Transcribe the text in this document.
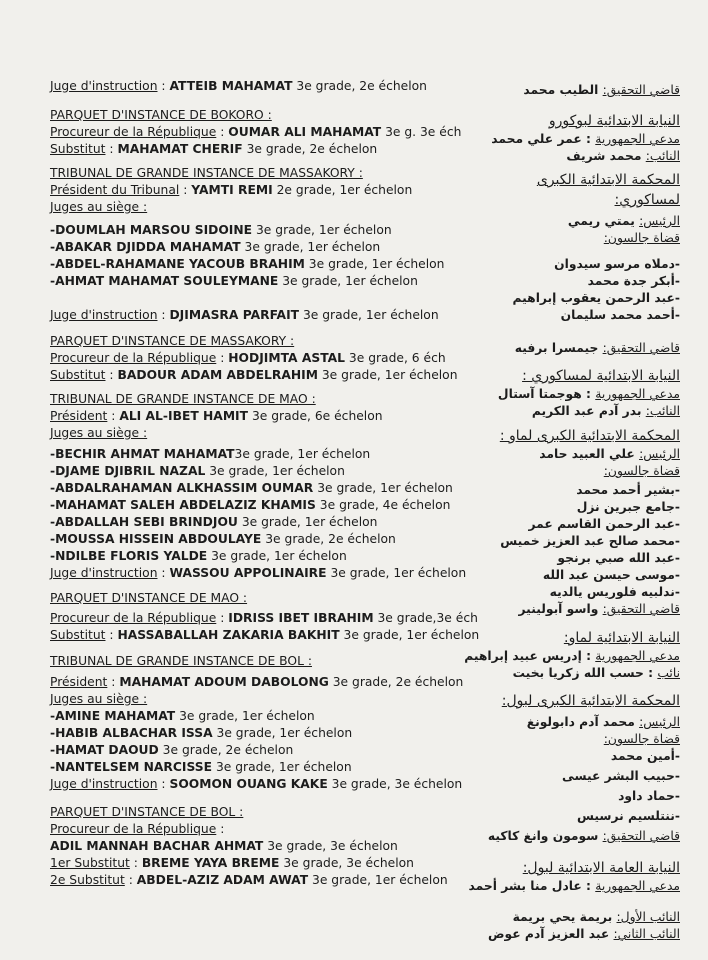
Juge d'instruction : ATTEIB MAHAMAT 3e grade, 2e échelon
PARQUET D'INSTANCE DE BOKORO :
Procureur de la République : OUMAR ALI MAHAMAT 3e g. 3e éch
Substitut : MAHAMAT CHERIF 3e grade, 2e échelon
TRIBUNAL DE GRANDE INSTANCE DE MASSAKORY :
Président du Tribunal : YAMTI REMI 2e grade, 1er échelon
Juges au siège :
-DOUMLAH MARSOU SIDOINE 3e grade, 1er échelon
-ABAKAR DJIDDA MAHAMAT 3e grade, 1er échelon
-ABDEL-RAHAMANE YACOUB BRAHIM 3e grade, 1er échelon
-AHMAT MAHAMAT SOULEYMANE 3e grade, 1er échelon
Juge d'instruction : DJIMASRA PARFAIT 3e grade, 1er échelon
PARQUET D'INSTANCE DE MASSAKORY :
Procureur de la République : HODJIMTA ASTAL 3e grade, 6 éch
Substitut : BADOUR ADAM ABDELRAHIM 3e grade, 1er échelon
TRIBUNAL DE GRANDE INSTANCE DE MAO :
Président : ALI AL-IBET HAMIT 3e grade, 6e échelon
Juges au siège :
-BECHIR AHMAT MAHAMAT3e grade, 1er échelon
-DJAME DJIBRIL NAZAL 3e grade, 1er échelon
-ABDALRAHAMAN ALKHASSIM OUMAR 3e grade, 1er échelon
-MAHAMAT SALEH ABDELAZIZ KHAMIS 3e grade, 4e échelon
-ABDALLAH SEBI BRINDJOU 3e grade, 1er échelon
-MOUSSA HISSEIN ABDOULAYE 3e grade, 2e échelon
-NDILBE FLORIS YALDE 3e grade, 1er échelon
Juge d'instruction : WASSOU APPOLINAIRE 3e grade, 1er échelon
PARQUET D'INSTANCE DE MAO :
Procureur de la République : IDRISS IBET IBRAHIM 3e grade,3e éch
Substitut : HASSABALLAH ZAKARIA BAKHIT 3e grade, 1er échelon
TRIBUNAL DE GRANDE INSTANCE DE BOL :
Président : MAHAMAT ADOUM DABOLONG 3e grade, 2e échelon
Juges au siège :
-AMINE MAHAMAT 3e grade, 1er échelon
-HABIB ALBACHAR ISSA 3e grade, 1er échelon
-HAMAT DAOUD 3e grade, 2e échelon
-NANTELSEM NARCISSE 3e grade, 1er échelon
Juge d'instruction : SOOMON OUANG KAKE 3e grade, 3e échelon
PARQUET D'INSTANCE DE BOL :
Procureur de la République :
ADIL MANNAH BACHAR AHMAT 3e grade, 3e échelon
1er Substitut : BREME YAYA BREME 3e grade, 3e échelon
2e Substitut : ABDEL-AZIZ ADAM AWAT 3e grade, 1er échelon
قاضي التحقيق: الطيب محمد
النيابة الابتدائية لبوكورو
مدعي الجمهورية : عمر علي محمد
النائب: محمد شريف
المحكمة الابتدائية الكبرى لمساكوري:
الرئيس: يمتي ريمي
قضاة جالسون:
-دملاه مرسو سيدوان
-أبكر جدة محمد
-عبد الرحمن يعقوب إبراهيم
-أحمد محمد سليمان
قاضي التحقيق: جيمسرا برفيه
النيابة الابتدائية لمساكوري :
مدعي الجمهورية : هوجمتا آستال
النائب: بدر آدم عبد الكريم
المحكمة الابتدائية الكبرى لماو :
الرئيس: علي العبيد حامد
قضاة جالسون:
-بشير أحمد محمد
-جامع جبرين نزل
-عبد الرحمن القاسم عمر
-محمد صالح عبد العزيز خميس
-عبد الله صبي برنجو
-موسى حيسن عبد الله
-ندلبيه فلوريس يالديه
قاضي التحقيق: واسو آبولينير
النيابة الابتدائية لماو:
مدعي الجمهورية : إدريس عبيد إبراهيم
نائب : حسب الله زكريا بخيت
المحكمة الابتدائية الكبرى لبول:
الرئيس: محمد آدم دابولونغ
قضاة جالسون:
-أمين محمد
-حبيب البشر عيسى
-حماد داود
-ننتلسيم نرسيس
قاضي التحقيق: سومون وانغ كاكيه
النيابة العامة الابتدائية لبول:
مدعي الجمهورية : عادل منا بشر أحمد
النائب الأول: بريمة يحي بريمة
النائب الثاني: عبد العزيز آدم عوض
